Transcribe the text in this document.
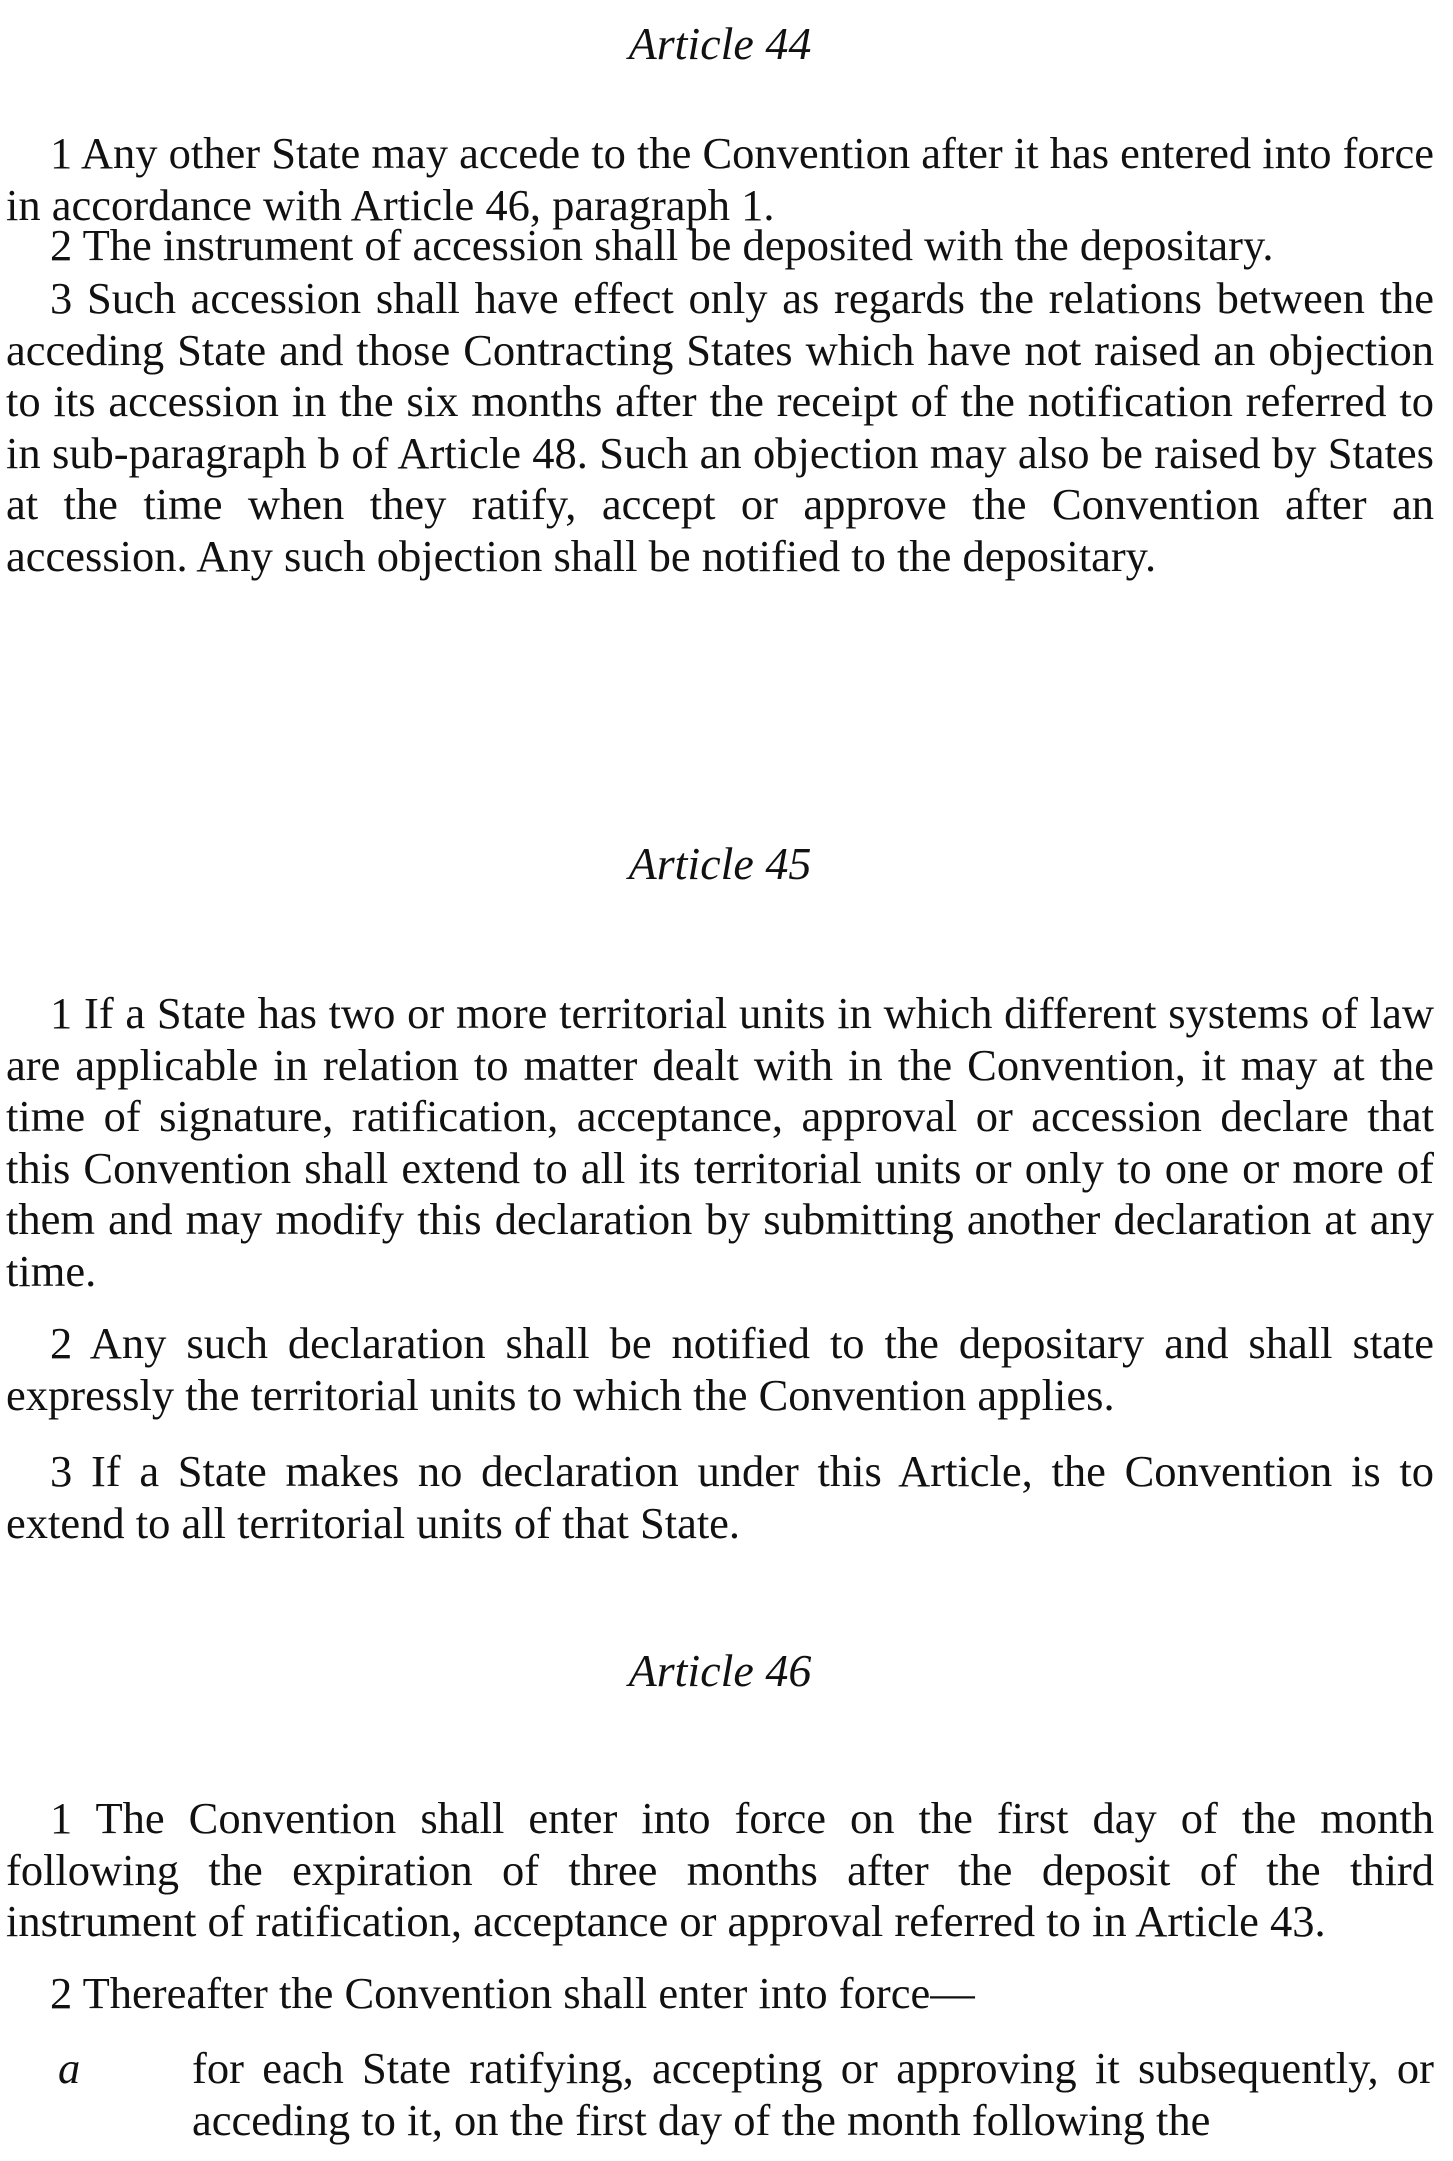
Article 44

1 Any other State may accede to the Convention after it has entered into force in accordance with Article 46, paragraph 1.

2 The instrument of accession shall be deposited with the depositary.

3 Such accession shall have effect only as regards the relations between the acceding State and those Contracting States which have not raised an objection to its accession in the six months after the receipt of the notification referred to in sub-paragraph b of Article 48. Such an objection may also be raised by States at the time when they ratify, accept or approve the Convention after an accession. Any such objection shall be notified to the depositary.

Article 45

1 If a State has two or more territorial units in which different systems of law are applicable in relation to matter dealt with in the Convention, it may at the time of signature, ratification, acceptance, approval or accession declare that this Convention shall extend to all its territorial units or only to one or more of them and may modify this declaration by submitting another declaration at any time.

2 Any such declaration shall be notified to the depositary and shall state expressly the territorial units to which the Convention applies.

3 If a State makes no declaration under this Article, the Convention is to extend to all territorial units of that State.

Article 46

1 The Convention shall enter into force on the first day of the month following the expiration of three months after the deposit of the third instrument of ratification, acceptance or approval referred to in Article 43.

2 Thereafter the Convention shall enter into force—

a	for each State ratifying, accepting or approving it subsequently, or acceding to it, on the first day of the month following the
